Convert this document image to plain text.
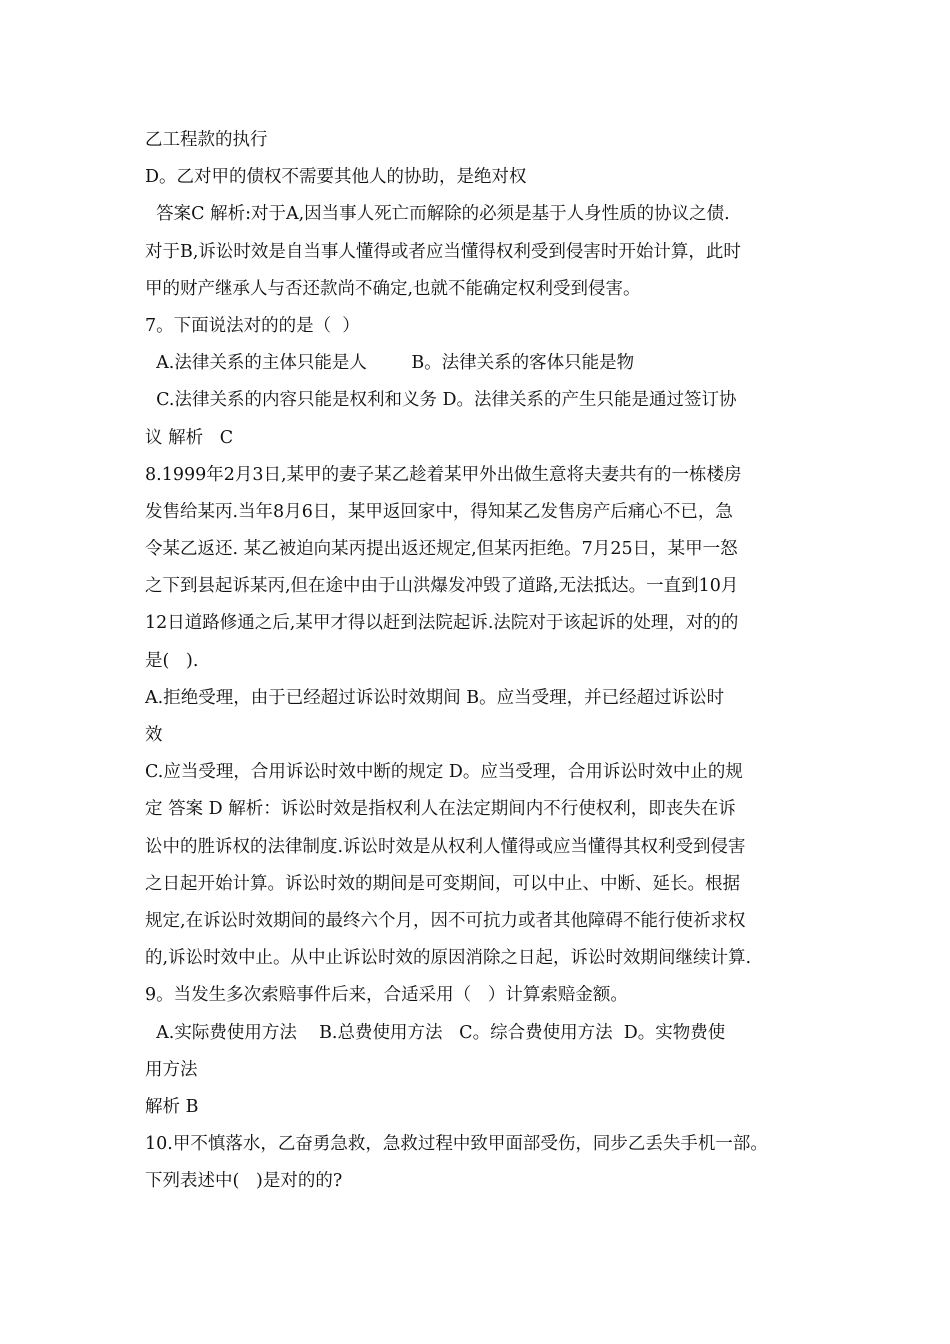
乙工程款的执行
D。乙对甲的债权不需要其他人的协助，是绝对权
答案C 解析:对于A,因当事人死亡而解除的必须是基于人身性质的协议之债.
对于B,诉讼时效是自当事人懂得或者应当懂得权利受到侵害时开始计算，此时
甲的财产继承人与否还款尚不确定,也就不能确定权利受到侵害。
7。下面说法对的的是（  ）
A.法律关系的主体只能是人        B。法律关系的客体只能是物
C.法律关系的内容只能是权利和义务 D。法律关系的产生只能是通过签订协
议 解析   C
8.1999年2月3日,某甲的妻子某乙趁着某甲外出做生意将夫妻共有的一栋楼房
发售给某丙.当年8月6日，某甲返回家中，得知某乙发售房产后痛心不已，急
令某乙返还. 某乙被迫向某丙提出返还规定,但某丙拒绝。7月25日，某甲一怒
之下到县起诉某丙,但在途中由于山洪爆发冲毁了道路,无法抵达。一直到10月
12日道路修通之后,某甲才得以赶到法院起诉.法院对于该起诉的处理，对的的
是(   ).
A.拒绝受理，由于已经超过诉讼时效期间 B。应当受理，并已经超过诉讼时
效
C.应当受理，合用诉讼时效中断的规定 D。应当受理，合用诉讼时效中止的规
定 答案 D 解析：诉讼时效是指权利人在法定期间内不行使权利，即丧失在诉
讼中的胜诉权的法律制度.诉讼时效是从权利人懂得或应当懂得其权利受到侵害
之日起开始计算。诉讼时效的期间是可变期间，可以中止、中断、延长。根据
规定,在诉讼时效期间的最终六个月，因不可抗力或者其他障碍不能行使祈求权
的,诉讼时效中止。从中止诉讼时效的原因消除之日起，诉讼时效期间继续计算.
9。当发生多次索赔事件后来，合适采用（   ）计算索赔金额。
A.实际费使用方法    B.总费使用方法   C。综合费使用方法  D。实物费使
用方法
解析 B
10.甲不慎落水，乙奋勇急救，急救过程中致甲面部受伤，同步乙丢失手机一部。
下列表述中(   )是对的的?
